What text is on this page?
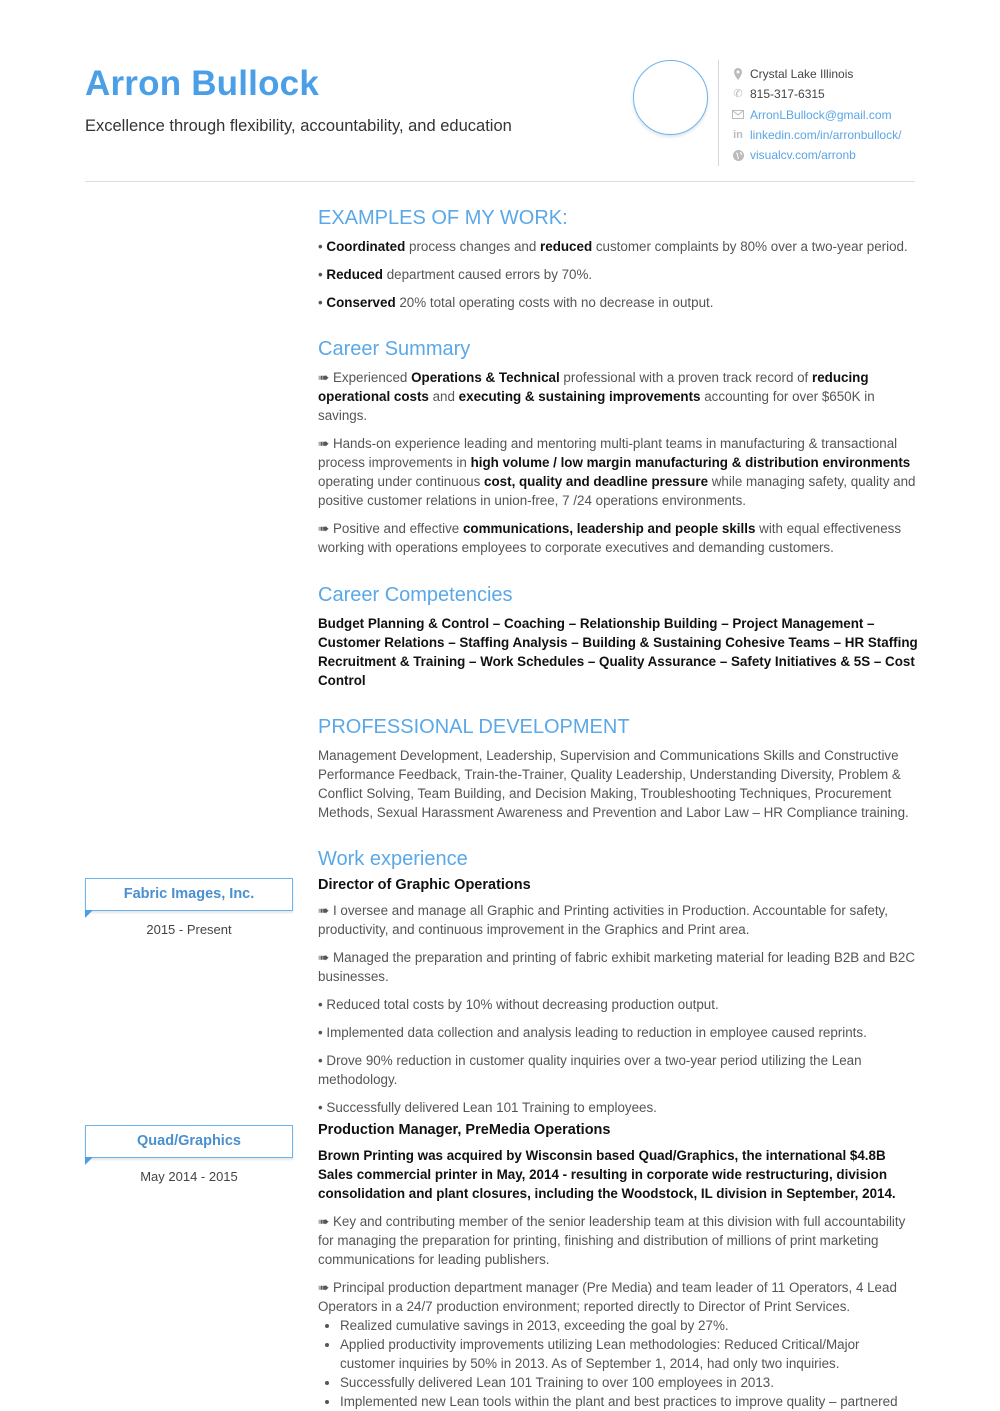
Arron Bullock
Excellence through flexibility, accountability, and education
Crystal Lake Illinois
✆ 815-317-6315
ArronLBullock@gmail.com
in linkedin.com/in/arronbullock/
visualcv.com/arronb
EXAMPLES OF MY WORK:

• Coordinated process changes and reduced customer complaints by 80% over a two-year period.

• Reduced department caused errors by 70%.

• Conserved 20% total operating costs with no decrease in output.

Career Summary

➠ Experienced Operations & Technical professional with a proven track record of reducing operational costs and executing & sustaining improvements accounting for over $650K in savings.

➠ Hands-on experience leading and mentoring multi-plant teams in manufacturing & transactional process improvements in high volume / low margin manufacturing & distribution environments operating under continuous cost, quality and deadline pressure while managing safety, quality and positive customer relations in union-free, 7 /24 operations environments.

➠ Positive and effective communications, leadership and people skills with equal effectiveness working with operations employees to corporate executives and demanding customers.

Career Competencies

Budget Planning & Control – Coaching – Relationship Building – Project Management – Customer Relations – Staffing Analysis – Building & Sustaining Cohesive Teams – HR Staffing Recruitment & Training – Work Schedules – Quality Assurance – Safety Initiatives & 5S – Cost Control

PROFESSIONAL DEVELOPMENT

Management Development, Leadership, Supervision and Communications Skills and Constructive Performance Feedback, Train-the-Trainer, Quality Leadership, Understanding Diversity, Problem & Conflict Solving, Team Building, and Decision Making, Troubleshooting Techniques, Procurement Methods, Sexual Harassment Awareness and Prevention and Labor Law – HR Compliance training.

Work experience
Director of Graphic Operations

➠ I oversee and manage all Graphic and Printing activities in Production. Accountable for safety, productivity, and continuous improvement in the Graphics and Print area.

➠ Managed the preparation and printing of fabric exhibit marketing material for leading B2B and B2C businesses.

• Reduced total costs by 10% without decreasing production output.

• Implemented data collection and analysis leading to reduction in employee caused reprints.

• Drove 90% reduction in customer quality inquiries over a two-year period utilizing the Lean methodology.

• Successfully delivered Lean 101 Training to employees.

Production Manager, PreMedia Operations

Brown Printing was acquired by Wisconsin based Quad/Graphics, the international $4.8B Sales commercial printer in May, 2014 - resulting in corporate wide restructuring, division consolidation and plant closures, including the Woodstock, IL division in September, 2014.

➠ Key and contributing member of the senior leadership team at this division with full accountability for managing the preparation for printing, finishing and distribution of millions of print marketing communications for leading publishers.

➠ Principal production department manager (Pre Media) and team leader of 11 Operators, 4 Lead Operators in a 24/7 production environment; reported directly to Director of Print Services.

• Realized cumulative savings in 2013, exceeding the goal by 27%.
• Applied productivity improvements utilizing Lean methodologies: Reduced Critical/Major customer inquiries by 50% in 2013. As of September 1, 2014, had only two inquiries.
• Successfully delivered Lean 101 Training to over 100 employees in 2013.
• Implemented new Lean tools within the plant and best practices to improve quality – partnered
Fabric Images, Inc.
2015 - Present
Quad/Graphics
May 2014 - 2015
